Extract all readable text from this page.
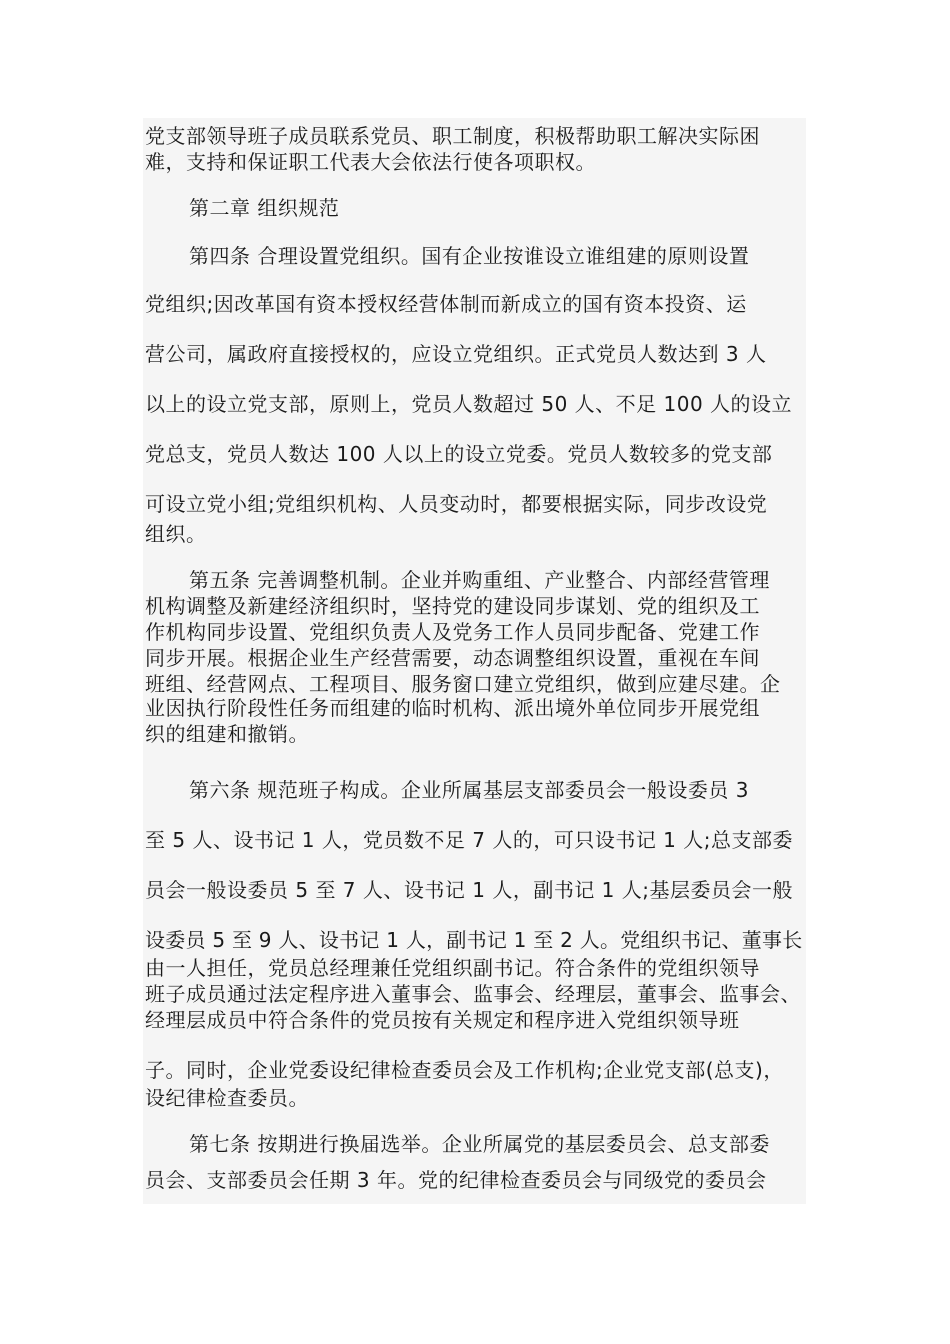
党支部领导班子成员联系党员、职工制度，积极帮助职工解决实际困
难，支持和保证职工代表大会依法行使各项职权。
第二章 组织规范
第四条 合理设置党组织。国有企业按谁设立谁组建的原则设置
党组织;因改革国有资本授权经营体制而新成立的国有资本投资、运
营公司，属政府直接授权的，应设立党组织。正式党员人数达到 3 人
以上的设立党支部，原则上，党员人数超过 50 人、不足 100 人的设立
党总支，党员人数达 100 人以上的设立党委。党员人数较多的党支部
可设立党小组;党组织机构、人员变动时，都要根据实际，同步改设党
组织。
第五条 完善调整机制。企业并购重组、产业整合、内部经营管理
机构调整及新建经济组织时，坚持党的建设同步谋划、党的组织及工
作机构同步设置、党组织负责人及党务工作人员同步配备、党建工作
同步开展。根据企业生产经营需要，动态调整组织设置，重视在车间
班组、经营网点、工程项目、服务窗口建立党组织，做到应建尽建。企
业因执行阶段性任务而组建的临时机构、派出境外单位同步开展党组
织的组建和撤销。
第六条 规范班子构成。企业所属基层支部委员会一般设委员 3
至 5 人、设书记 1 人，党员数不足 7 人的，可只设书记 1 人;总支部委
员会一般设委员 5 至 7 人、设书记 1 人，副书记 1 人;基层委员会一般
设委员 5 至 9 人、设书记 1 人，副书记 1 至 2 人。党组织书记、董事长
由一人担任，党员总经理兼任党组织副书记。符合条件的党组织领导
班子成员通过法定程序进入董事会、监事会、经理层，董事会、监事会、
经理层成员中符合条件的党员按有关规定和程序进入党组织领导班
子。同时，企业党委设纪律检查委员会及工作机构;企业党支部(总支)，
设纪律检查委员。
第七条 按期进行换届选举。企业所属党的基层委员会、总支部委
员会、支部委员会任期 3 年。党的纪律检查委员会与同级党的委员会
